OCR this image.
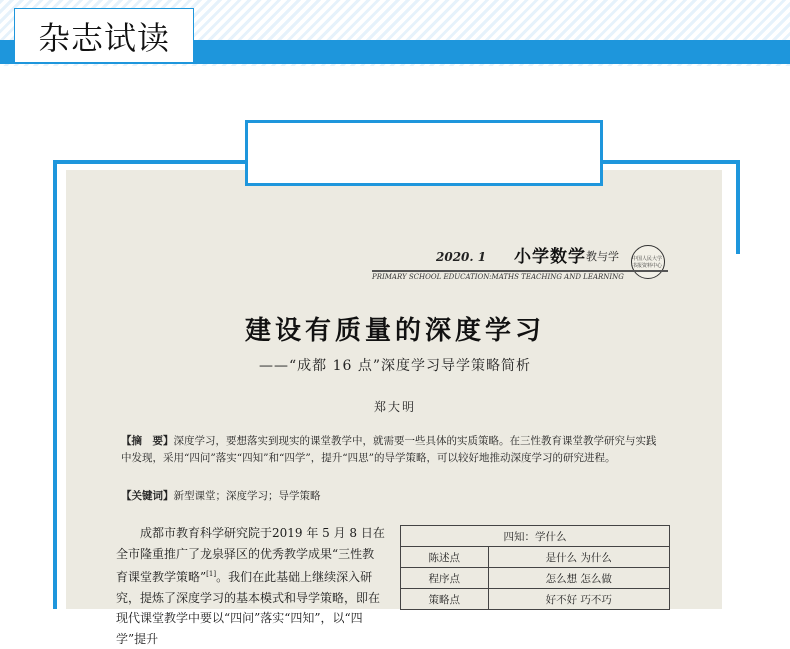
杂志试读
2020. 1 小学数学 教与学	中国人民大学 书报资料中心
PRIMARY SCHOOL EDUCATION:MATHS TEACHING AND LEARNING
建设有质量的深度学习
——“成都 16 点”深度学习导学策略简析
郑大明
【摘　要】深度学习，要想落实到现实的课堂教学中，就需要一些具体的实质策略。在三性教育课堂教学研究与实践中发现，采用“四问”落实“四知”和“四学”，提升“四思”的导学策略，可以较好地推动深度学习的研究进程。
【关键词】新型课堂；深度学习；导学策略

成都市教育科学研究院于2019 年 5 月 8 日在全市隆重推广了龙泉驿区的优秀教学成果“三性教育课堂教学策略”[1]。我们在此基础上继续深入研究，提炼了深度学习的基本模式和导学策略，即在现代课堂教学中要以“四问”落实“四知”，以“四学”提升

四知：学什么	
陈述点	是什么 为什么
程序点	怎么想 怎么做
策略点	好不好 巧不巧
